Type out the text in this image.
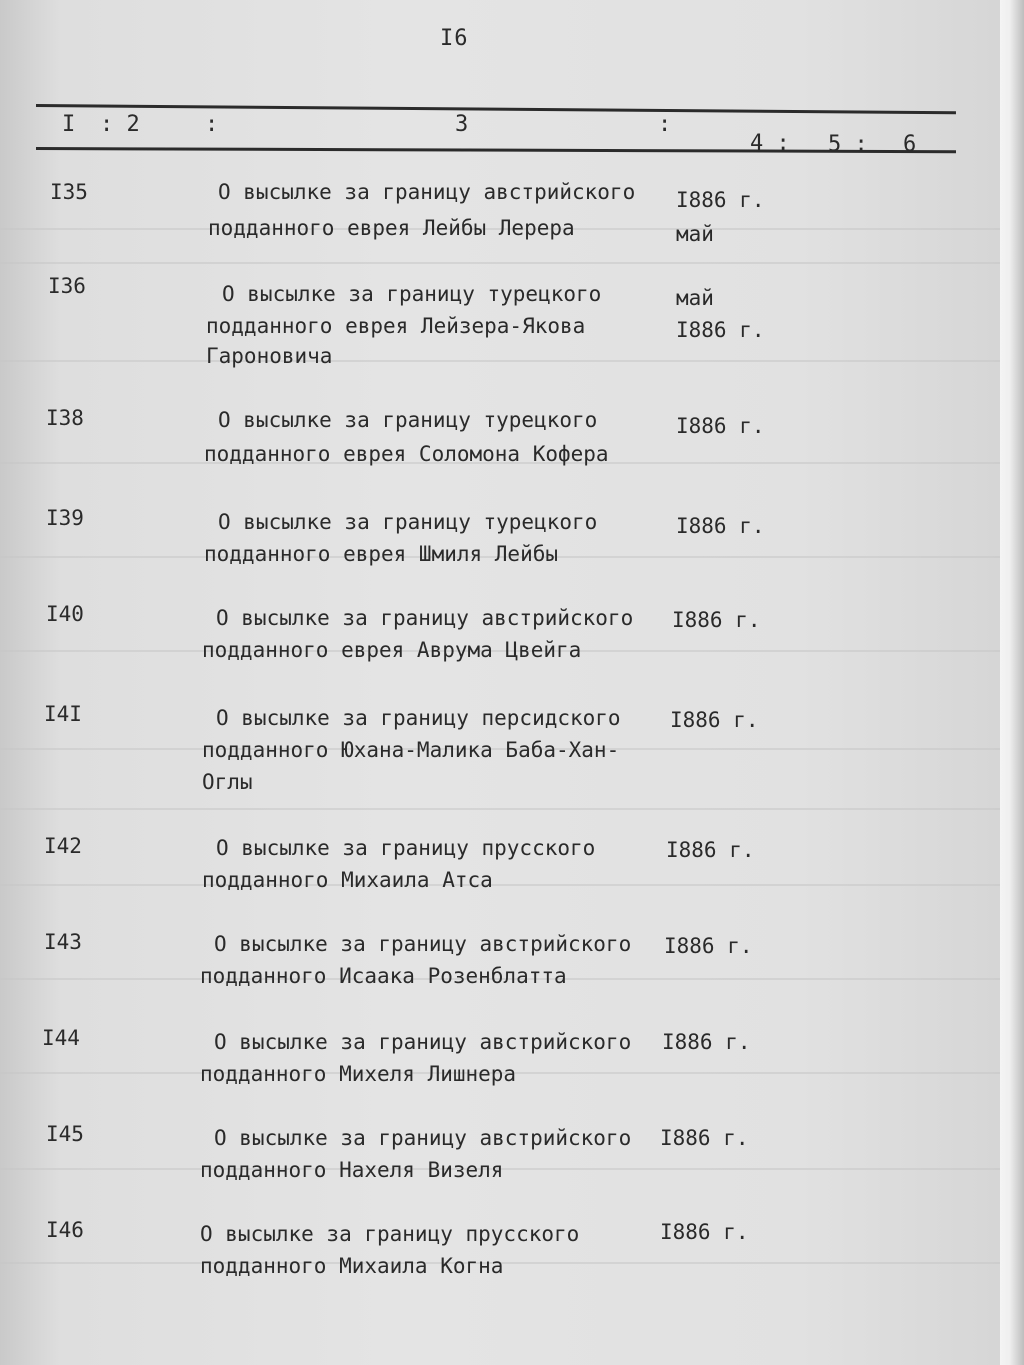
I6
I : 2	:	3	:
4 : 5 : 6
I35	О высылке за границу австрийского
подданного еврея Лейбы Лерера
I886 г.
май
I36	О высылке за границу турецкого
подданного еврея Лейзера-Якова
Гароновича
май
I886 г.
I38	О высылке за границу турецкого
подданного еврея Соломона Кофера
I886 г.
I39	О высылке за границу турецкого
подданного еврея Шмиля Лейбы
I886 г.
I40	О высылке за границу австрийского
подданного еврея Аврума Цвейга
I886 г.
I4I	О высылке за границу персидского
подданного Юхана-Малика Баба-Хан-
Оглы
I886 г.
I42	О высылке за границу прусского
подданного Михаила Атса
I886 г.
I43	О высылке за границу австрийского
подданного Исаака Розенблатта
I886 г.
I44	О высылке за границу австрийского
подданного Михеля Лишнера
I886 г.
I45	О высылке за границу австрийского
подданного Нахеля Визеля
I886 г.
I46	О высылке за границу прусского
подданного Михаила Когна
I886 г.
